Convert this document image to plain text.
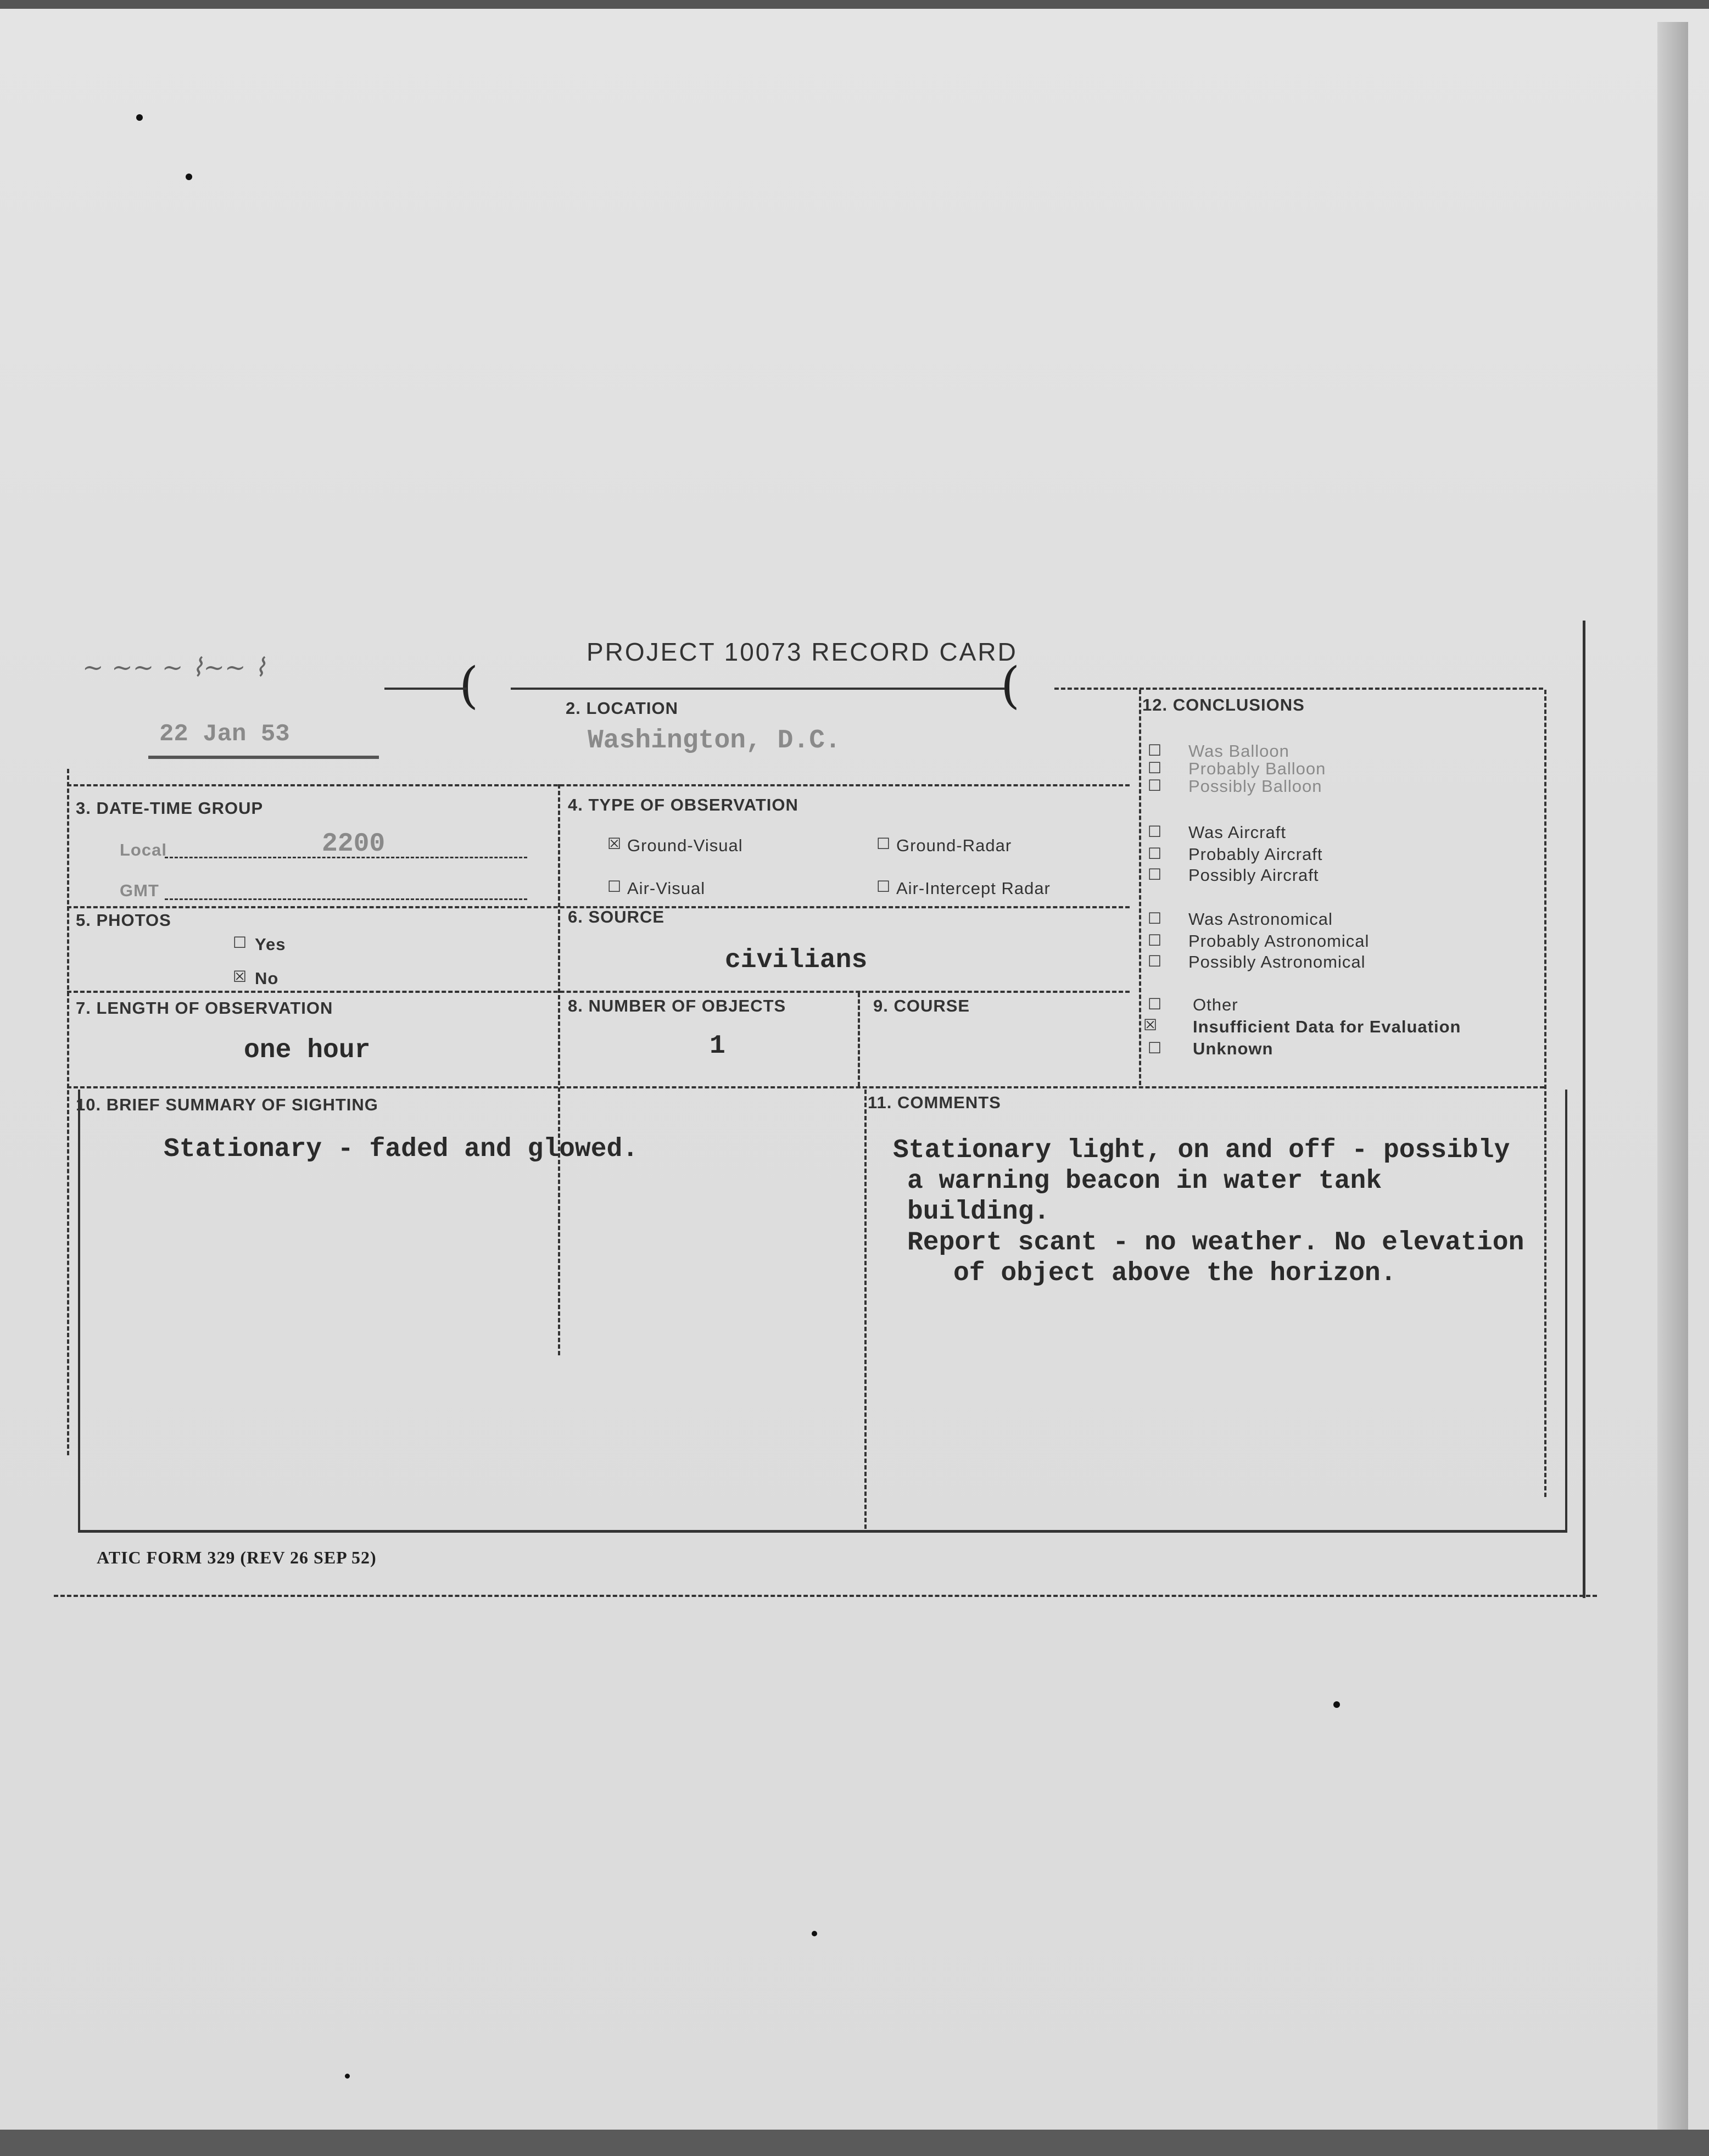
PROJECT 10073 RECORD CARD
~ ~~ ~ ⌇~~ ⌇
22 Jan 53
(	(
2. LOCATION
Washington, D.C.
3. DATE-TIME GROUP
Local	2200
GMT
4. TYPE OF OBSERVATION
☒ Ground-Visual	☐ Ground-Radar
☐ Air-Visual	☐ Air-Intercept Radar
5. PHOTOS
☐ Yes
☒ No
6. SOURCE
civilians
7. LENGTH OF OBSERVATION
one hour
8. NUMBER OF OBJECTS
1
9. COURSE
10. BRIEF SUMMARY OF SIGHTING
Stationary - faded and glowed.
11. COMMENTS
Stationary light, on and off - possibly
a warning beacon in water tank
building.
Report scant - no weather. No elevation
of object above the horizon.
12. CONCLUSIONS
☐ Was Balloon
☐ Probably Balloon
☐ Possibly Balloon
☐ Was Aircraft
☐ Probably Aircraft
☐ Possibly Aircraft
☐ Was Astronomical
☐ Probably Astronomical
☐ Possibly Astronomical
☐ Other
☒ Insufficient Data for Evaluation
☐ Unknown
ATIC FORM 329 (REV 26 SEP 52)
